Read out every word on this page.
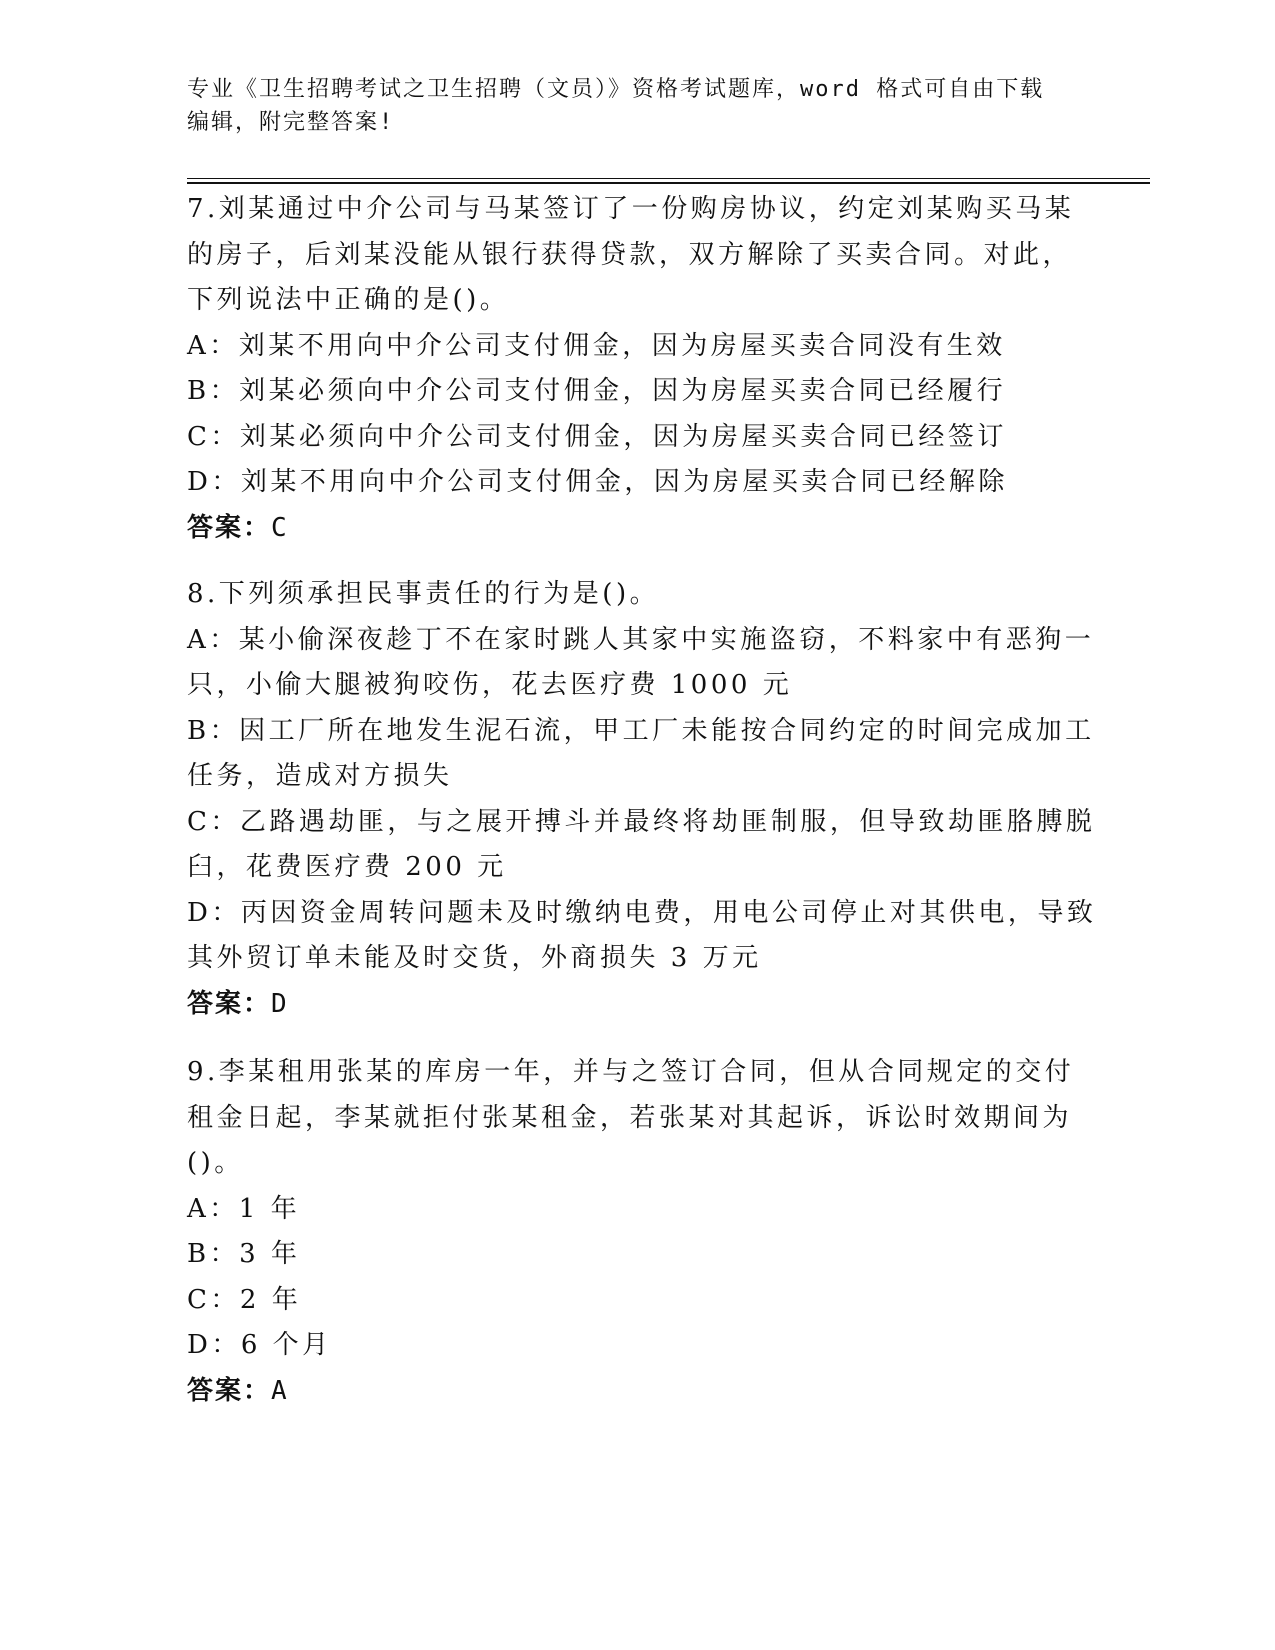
专业《卫生招聘考试之卫生招聘（文员）》资格考试题库，word 格式可自由下载
编辑，附完整答案!
7.刘某通过中介公司与马某签订了一份购房协议，约定刘某购买马某
的房子，后刘某没能从银行获得贷款，双方解除了买卖合同。对此，
下列说法中正确的是()。
A：刘某不用向中介公司支付佣金，因为房屋买卖合同没有生效
B：刘某必须向中介公司支付佣金，因为房屋买卖合同已经履行
C：刘某必须向中介公司支付佣金，因为房屋买卖合同已经签订
D：刘某不用向中介公司支付佣金，因为房屋买卖合同已经解除
答案：C
8.下列须承担民事责任的行为是()。
A：某小偷深夜趁丁不在家时跳人其家中实施盗窃，不料家中有恶狗一
只，小偷大腿被狗咬伤，花去医疗费 1000 元
B：因工厂所在地发生泥石流，甲工厂未能按合同约定的时间完成加工
任务，造成对方损失
C：乙路遇劫匪，与之展开搏斗并最终将劫匪制服，但导致劫匪胳膊脱
臼，花费医疗费 200 元
D：丙因资金周转问题未及时缴纳电费，用电公司停止对其供电，导致
其外贸订单未能及时交货，外商损失 3 万元
答案：D
9.李某租用张某的库房一年，并与之签订合同，但从合同规定的交付
租金日起，李某就拒付张某租金，若张某对其起诉，诉讼时效期间为
()。
A：1 年
B：3 年
C：2 年
D：6 个月
答案：A
